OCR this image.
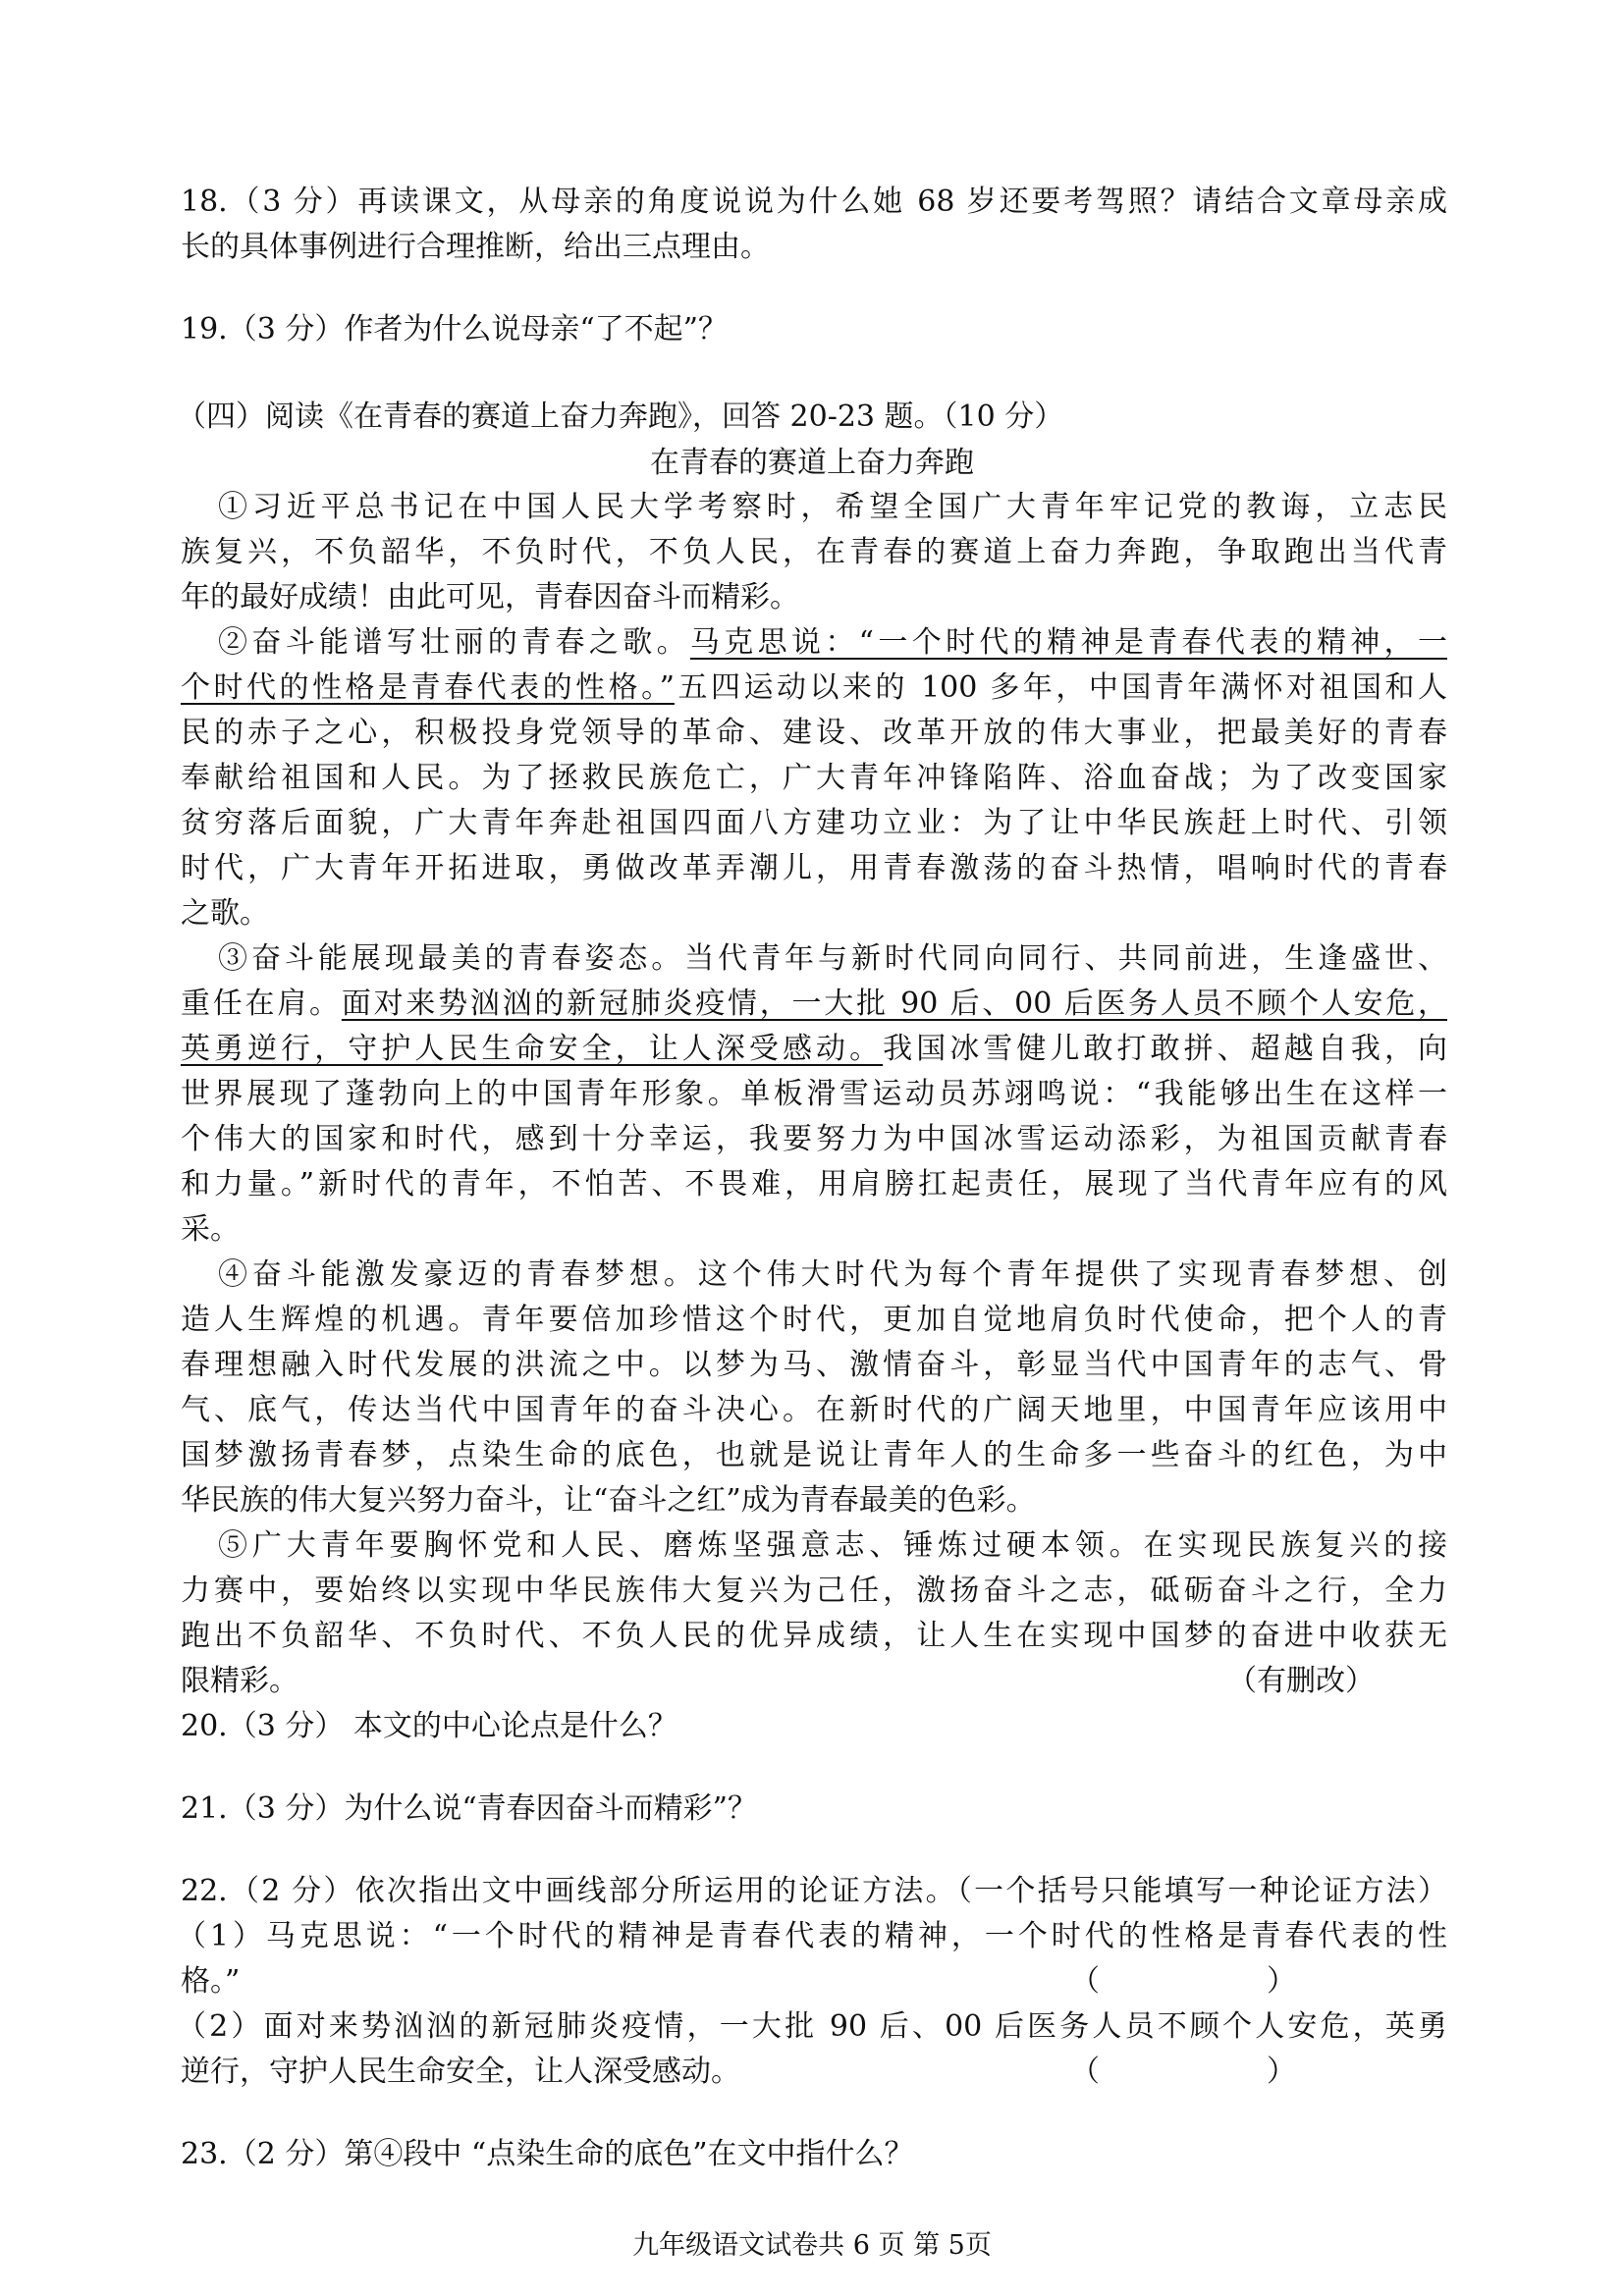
18.（3 分）再读课文，从母亲的角度说说为什么她 68 岁还要考驾照？请结合文章母亲成
长的具体事例进行合理推断，给出三点理由。
19.（3 分）作者为什么说母亲“了不起”？
（四）阅读《在青春的赛道上奋力奔跑》，回答 20-23 题。（10 分）
在青春的赛道上奋力奔跑
①习近平总书记在中国人民大学考察时，希望全国广大青年牢记党的教诲，立志民
族复兴，不负韶华，不负时代，不负人民，在青春的赛道上奋力奔跑，争取跑出当代青
年的最好成绩！由此可见，青春因奋斗而精彩。
②奋斗能谱写壮丽的青春之歌。马克思说：“一个时代的精神是青春代表的精神，一
个时代的性格是青春代表的性格。”五四运动以来的 100 多年，中国青年满怀对祖国和人
民的赤子之心，积极投身党领导的革命、建设、改革开放的伟大事业，把最美好的青春
奉献给祖国和人民。为了拯救民族危亡，广大青年冲锋陷阵、浴血奋战；为了改变国家
贫穷落后面貌，广大青年奔赴祖国四面八方建功立业：为了让中华民族赶上时代、引领
时代，广大青年开拓进取，勇做改革弄潮儿，用青春激荡的奋斗热情，唱响时代的青春
之歌。
③奋斗能展现最美的青春姿态。当代青年与新时代同向同行、共同前进，生逢盛世、
重任在肩。面对来势汹汹的新冠肺炎疫情，一大批 90 后、00 后医务人员不顾个人安危，
英勇逆行，守护人民生命安全，让人深受感动。我国冰雪健儿敢打敢拼、超越自我，向
世界展现了蓬勃向上的中国青年形象。单板滑雪运动员苏翊鸣说：“我能够出生在这样一
个伟大的国家和时代，感到十分幸运，我要努力为中国冰雪运动添彩，为祖国贡献青春
和力量。”新时代的青年，不怕苦、不畏难，用肩膀扛起责任，展现了当代青年应有的风
采。
④奋斗能激发豪迈的青春梦想。这个伟大时代为每个青年提供了实现青春梦想、创
造人生辉煌的机遇。青年要倍加珍惜这个时代，更加自觉地肩负时代使命，把个人的青
春理想融入时代发展的洪流之中。以梦为马、激情奋斗，彰显当代中国青年的志气、骨
气、底气，传达当代中国青年的奋斗决心。在新时代的广阔天地里，中国青年应该用中
国梦激扬青春梦，点染生命的底色，也就是说让青年人的生命多一些奋斗的红色，为中
华民族的伟大复兴努力奋斗，让“奋斗之红”成为青春最美的色彩。
⑤广大青年要胸怀党和人民、磨炼坚强意志、锤炼过硬本领。在实现民族复兴的接
力赛中，要始终以实现中华民族伟大复兴为己任，激扬奋斗之志，砥砺奋斗之行，全力
跑出不负韶华、不负时代、不负人民的优异成绩，让人生在实现中国梦的奋进中收获无
限精彩。	（有删改）
20.（3 分） 本文的中心论点是什么？
21.（3 分）为什么说“青春因奋斗而精彩”？
22.（2 分）依次指出文中画线部分所运用的论证方法。（一个括号只能填写一种论证方法）
（1）马克思说：“一个时代的精神是青春代表的精神，一个时代的性格是青春代表的性
格。”	（	）
（2）面对来势汹汹的新冠肺炎疫情，一大批 90 后、00 后医务人员不顾个人安危，英勇
逆行，守护人民生命安全，让人深受感动。	（	）
23.（2 分）第④段中 “点染生命的底色”在文中指什么？
九年级语文试卷共 6 页 第 5页
